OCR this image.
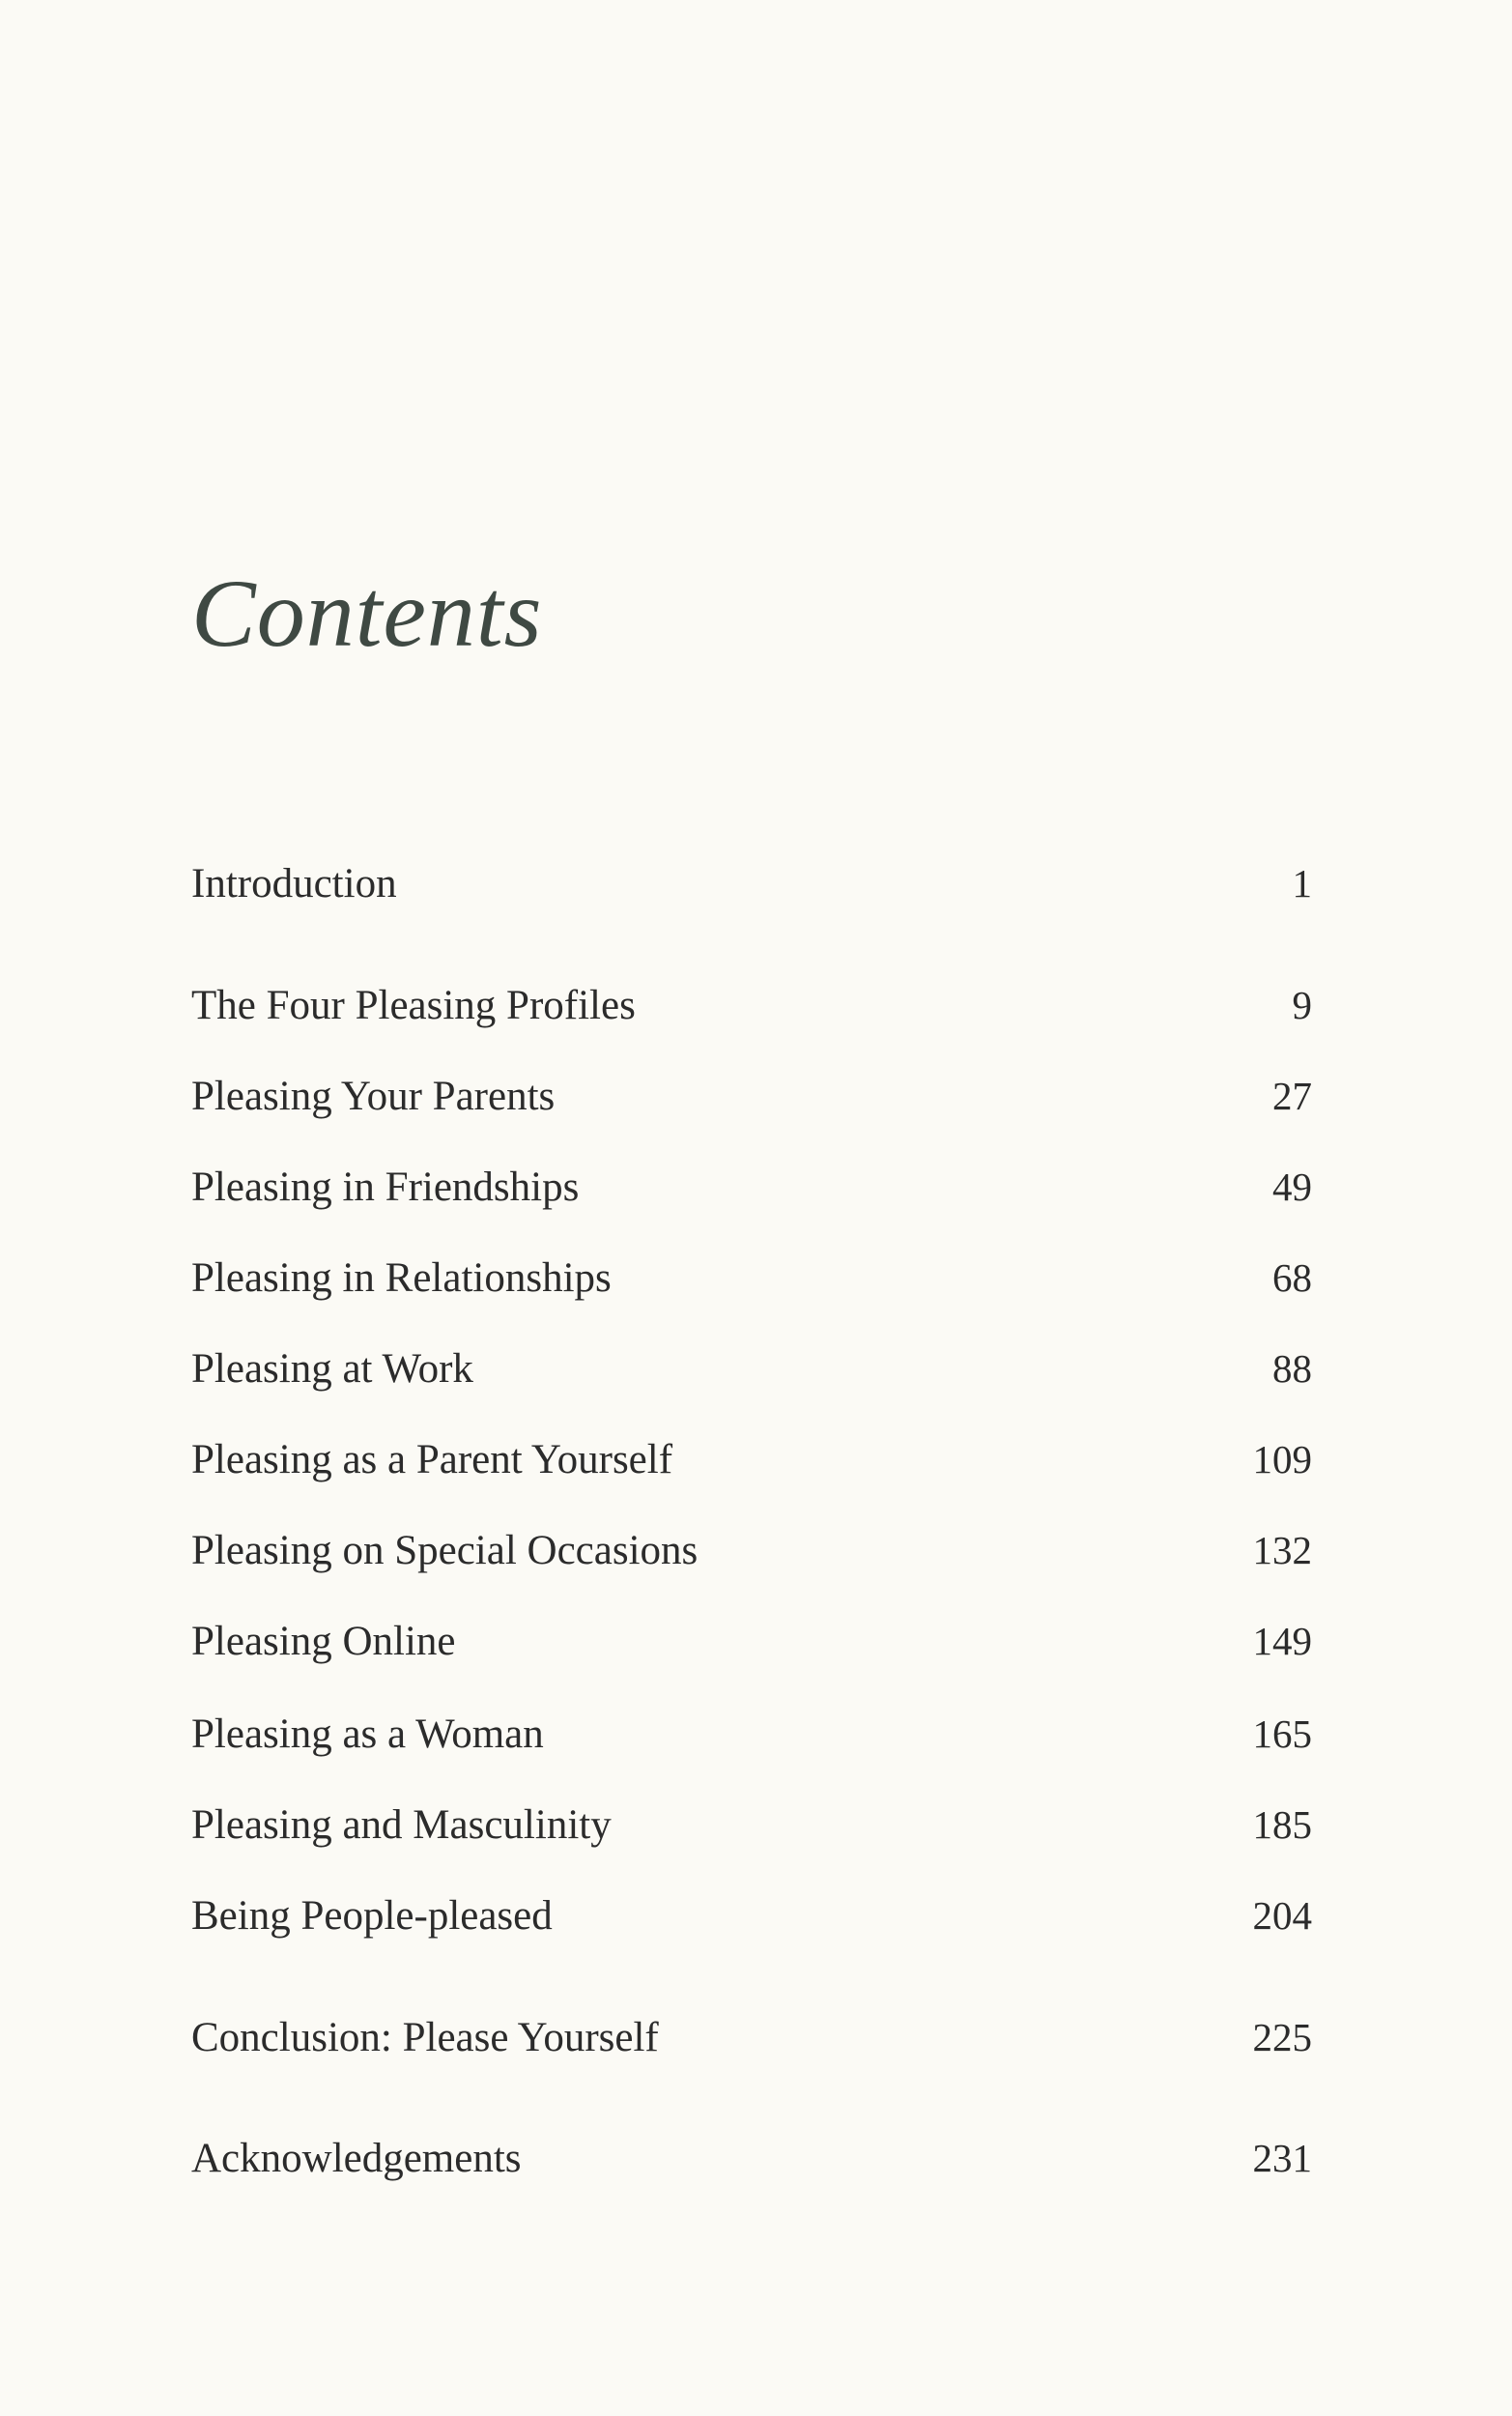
Contents
Introduction	1
The Four Pleasing Profiles	9
Pleasing Your Parents	27
Pleasing in Friendships	49
Pleasing in Relationships	68
Pleasing at Work	88
Pleasing as a Parent Yourself	109
Pleasing on Special Occasions	132
Pleasing Online	149
Pleasing as a Woman	165
Pleasing and Masculinity	185
Being People-pleased	204
Conclusion: Please Yourself	225
Acknowledgements	231
